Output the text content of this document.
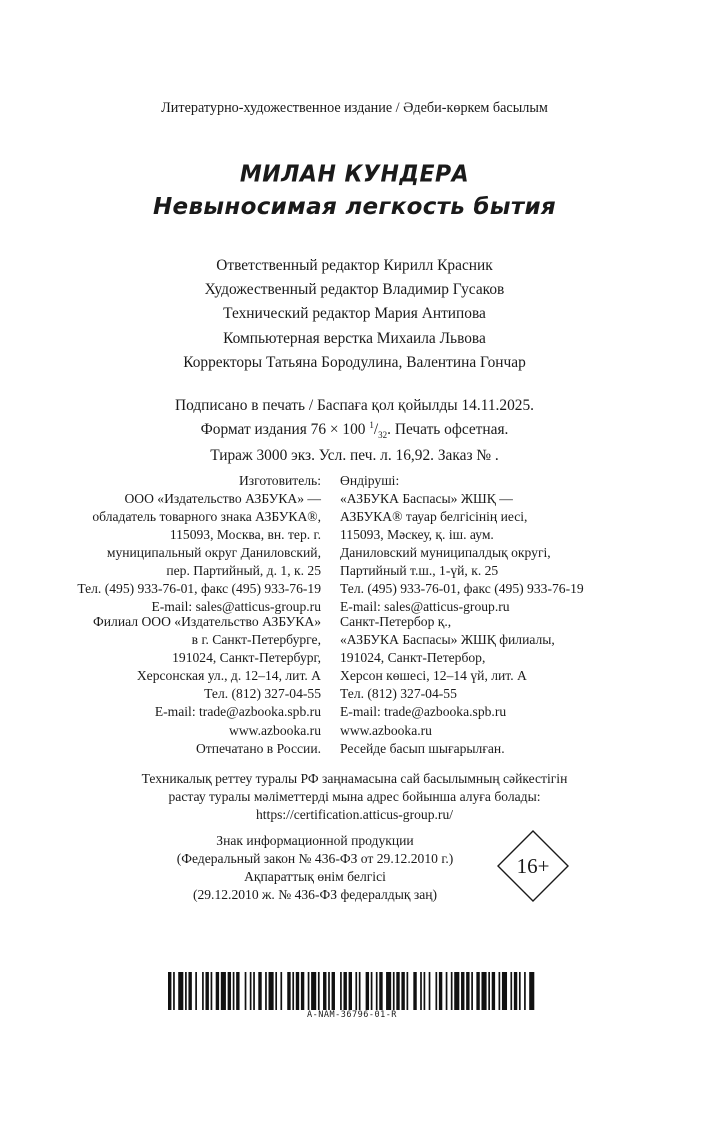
Литературно-художественное издание / Әдеби-көркем басылым
МИЛАН КУНДЕРА
Невыносимая легкость бытия
Ответственный редактор Кирилл Красник
Художественный редактор Владимир Гусаков
Технический редактор Мария Антипова
Компьютерная верстка Михаила Львова
Корректоры Татьяна Бородулина, Валентина Гончар
Подписано в печать / Баспаға қол қойылды 14.11.2025.
Формат издания 76 × 100 $^1/_{32}$. Печать офсетная.
Тираж 3000 экз. Усл. печ. л. 16,92. Заказ № .
Изготовитель:
ООО «Издательство АЗБУКА» —
обладатель товарного знака АЗБУКА®,
115093, Москва, вн. тер. г.
муниципальный округ Даниловский,
пер. Партийный, д. 1, к. 25
Тел. (495) 933-76-01, факс (495) 933-76-19
E-mail: sales@atticus-group.ru
Өндіруші:
«АЗБУКА Баспасы» ЖШҚ —
АЗБУКА® тауар белгісінің иесі,
115093, Мәскеу, қ. іш. аум.
Даниловский муниципалдық округі,
Партийный т.ш., 1-үй, к. 25
Тел. (495) 933-76-01, факс (495) 933-76-19
E-mail: sales@atticus-group.ru
Филиал ООО «Издательство АЗБУКА»
в г. Санкт-Петербурге,
191024, Санкт-Петербург,
Херсонская ул., д. 12–14, лит. А
Тел. (812) 327-04-55
E-mail: trade@azbooka.spb.ru
Санкт-Петербор қ.,
«АЗБУКА Баспасы» ЖШҚ филиалы,
191024, Санкт-Петербор,
Херсон көшесі, 12–14 үй, лит. А
Тел. (812) 327-04-55
E-mail: trade@azbooka.spb.ru
www.azbooka.ru
Отпечатано в России.
www.azbooka.ru
Ресейде басып шығарылған.
Техникалық реттеу туралы РФ заңнамасына сай басылымның сәйкестігін
растау туралы мәліметтерді мына адрес бойынша алуға болады:
https://certification.atticus-group.ru/
Знак информационной продукции
(Федеральный закон № 436-ФЗ от 29.12.2010 г.)
Ақпараттық өнім белгісі
(29.12.2010 ж. № 436-ФЗ федералдық заң)
16+
A-NAM-36796-01-R
